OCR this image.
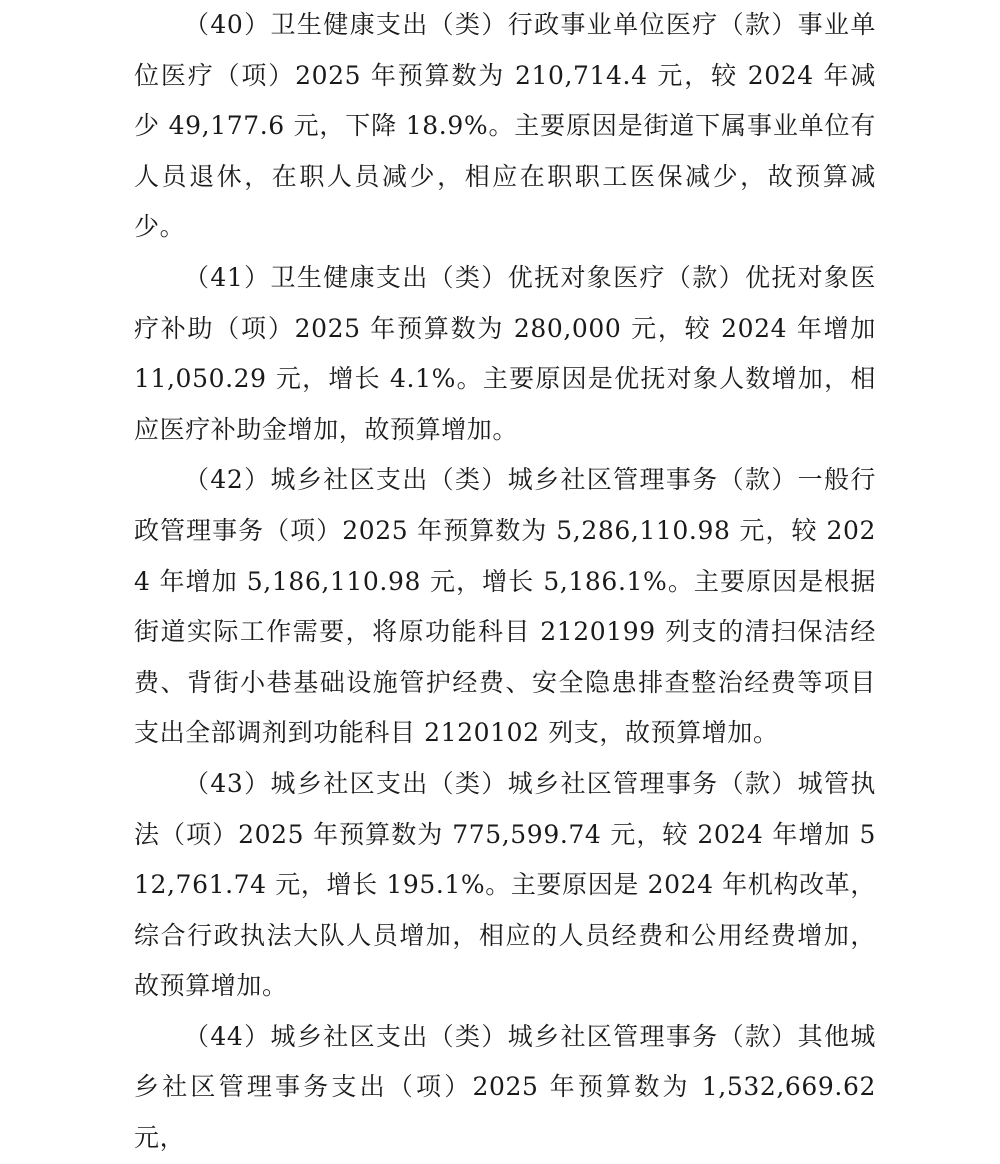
（40）卫生健康支出（类）行政事业单位医疗（款）事业单位医疗（项）2025 年预算数为 210,714.4 元，较 2024 年减少 49,177.6 元，下降 18.9%。主要原因是街道下属事业单位有人员退休，在职人员减少，相应在职职工医保减少，故预算减少。

（41）卫生健康支出（类）优抚对象医疗（款）优抚对象医疗补助（项）2025 年预算数为 280,000 元，较 2024 年增加 11,050.29 元，增长 4.1%。主要原因是优抚对象人数增加，相应医疗补助金增加，故预算增加。

（42）城乡社区支出（类）城乡社区管理事务（款）一般行政管理事务（项）2025 年预算数为 5,286,110.98 元，较 2024 年增加 5,186,110.98 元，增长 5,186.1%。主要原因是根据街道实际工作需要，将原功能科目 2120199 列支的清扫保洁经费、背街小巷基础设施管护经费、安全隐患排查整治经费等项目支出全部调剂到功能科目 2120102 列支，故预算增加。

（43）城乡社区支出（类）城乡社区管理事务（款）城管执法（项）2025 年预算数为 775,599.74 元，较 2024 年增加 512,761.74 元，增长 195.1%。主要原因是 2024 年机构改革，综合行政执法大队人员增加，相应的人员经费和公用经费增加，故预算增加。

（44）城乡社区支出（类）城乡社区管理事务（款）其他城乡社区管理事务支出（项）2025 年预算数为 1,532,669.62 元，
